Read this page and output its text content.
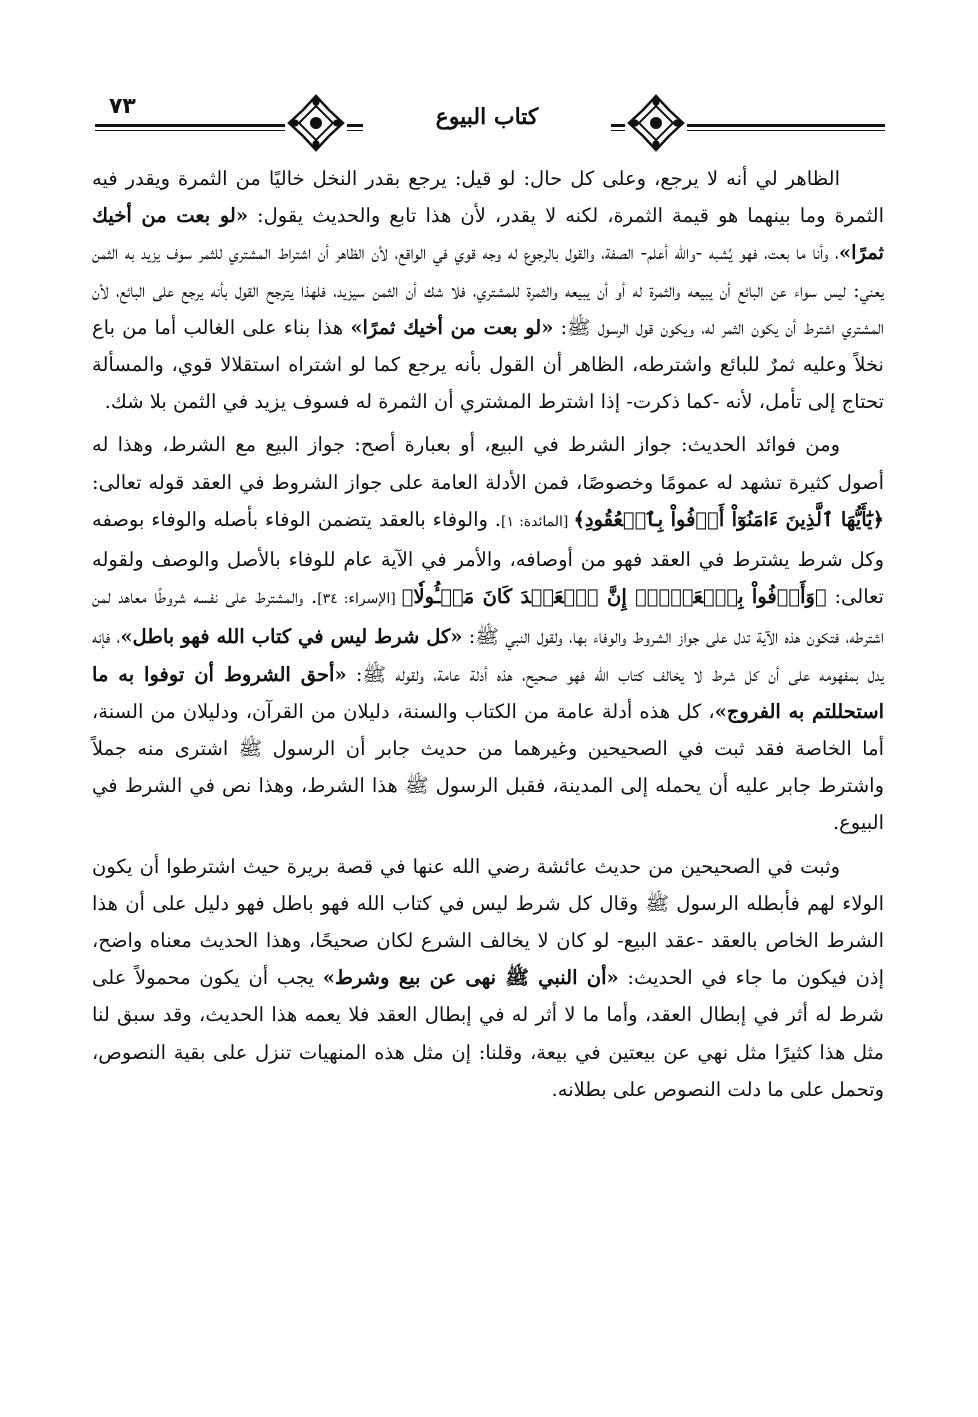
٧٣	كتاب البيوع

الظاهر لي أنه لا يرجع، وعلى كل حال: لو قيل: يرجع بقدر النخل خاليًا من الثمرة ويقدر فيه الثمرة وما بينهما هو قيمة الثمرة، لكنه لا يقدر، لأن هذا تابع والحديث يقول: «لو بعت من أخيك ثمرًا»، وأنا ما بعت، فهو يُشبه -والله أعلم- الصفة، والقول بالرجوع له وجه قوي في الواقع، لأن الظاهر أن اشتراط المشتري للثمر سوف يزيد به الثمن يعني: ليس سواء عن البائع أن يبيعه والثمرة له أو أن يبيعه والثمرة للمشتري، فلا شك أن الثمن سيزيد، فلهذا يترجح القول بأنه يرجع على البائع، لأن المشتري اشترط أن يكون الثمر له، ويكون قول الرسول ﷺ: «لو بعت من أخيك ثمرًا» هذا بناء على الغالب أما من باع نخلاً وعليه ثمرٌ للبائع واشترطه، الظاهر أن القول بأنه يرجع كما لو اشتراه استقلالا قوي، والمسألة تحتاج إلى تأمل، لأنه -كما ذكرت- إذا اشترط المشتري أن الثمرة له فسوف يزيد في الثمن بلا شك.

ومن فوائد الحديث: جواز الشرط في البيع، أو بعبارة أصح: جواز البيع مع الشرط، وهذا له أصول كثيرة تشهد له عمومًا وخصوصًا، فمن الأدلة العامة على جواز الشروط في العقد قوله تعالى: ﴿يَٰٓأَيُّهَا ٱلَّذِينَ ءَامَنُوٓاْ أَوۡفُواْ بِٱلۡعُقُودِ﴾ [المائدة: ١]. والوفاء بالعقد يتضمن الوفاء بأصله والوفاء بوصفه وكل شرط يشترط في العقد فهو من أوصافه، والأمر في الآية عام للوفاء بالأصل والوصف ولقوله تعالى: ﴿وَأَوۡفُواْ بِٱلۡعَهۡدِۖ إِنَّ ٱلۡعَهۡدَ كَانَ مَسۡـُٔولٗا﴾ [الإسراء: ٣٤]. والمشترط على نفسه شروطًا معاهد لمن اشترطه، فتكون هذه الآية تدل على جواز الشروط والوفاء بها، ولقول النبي ﷺ: «كل شرط ليس في كتاب الله فهو باطل»، فإنه يدل بمفهومه على أن كل شرط لا يخالف كتاب الله فهو صحيح، هذه أدلة عامة، ولقوله ﷺ: «أحق الشروط أن توفوا به ما استحللتم به الفروج»، كل هذه أدلة عامة من الكتاب والسنة، دليلان من القرآن، ودليلان من السنة، أما الخاصة فقد ثبت في الصحيحين وغيرهما من حديث جابر أن الرسول ﷺ اشترى منه جملاً واشترط جابر عليه أن يحمله إلى المدينة، فقبل الرسول ﷺ هذا الشرط، وهذا نص في الشرط في البيوع.

وثبت في الصحيحين من حديث عائشة رضي الله عنها في قصة بريرة حيث اشترطوا أن يكون الولاء لهم فأبطله الرسول ﷺ وقال كل شرط ليس في كتاب الله فهو باطل فهو دليل على أن هذا الشرط الخاص بالعقد -عقد البيع- لو كان لا يخالف الشرع لكان صحيحًا، وهذا الحديث معناه واضح، إذن فيكون ما جاء في الحديث: «أن النبي ﷺ نهى عن بيع وشرط» يجب أن يكون محمولاً على شرط له أثر في إبطال العقد، وأما ما لا أثر له في إبطال العقد فلا يعمه هذا الحديث، وقد سبق لنا مثل هذا كثيرًا مثل نهي عن بيعتين في بيعة، وقلنا: إن مثل هذه المنهيات تنزل على بقية النصوص، وتحمل على ما دلت النصوص على بطلانه.
